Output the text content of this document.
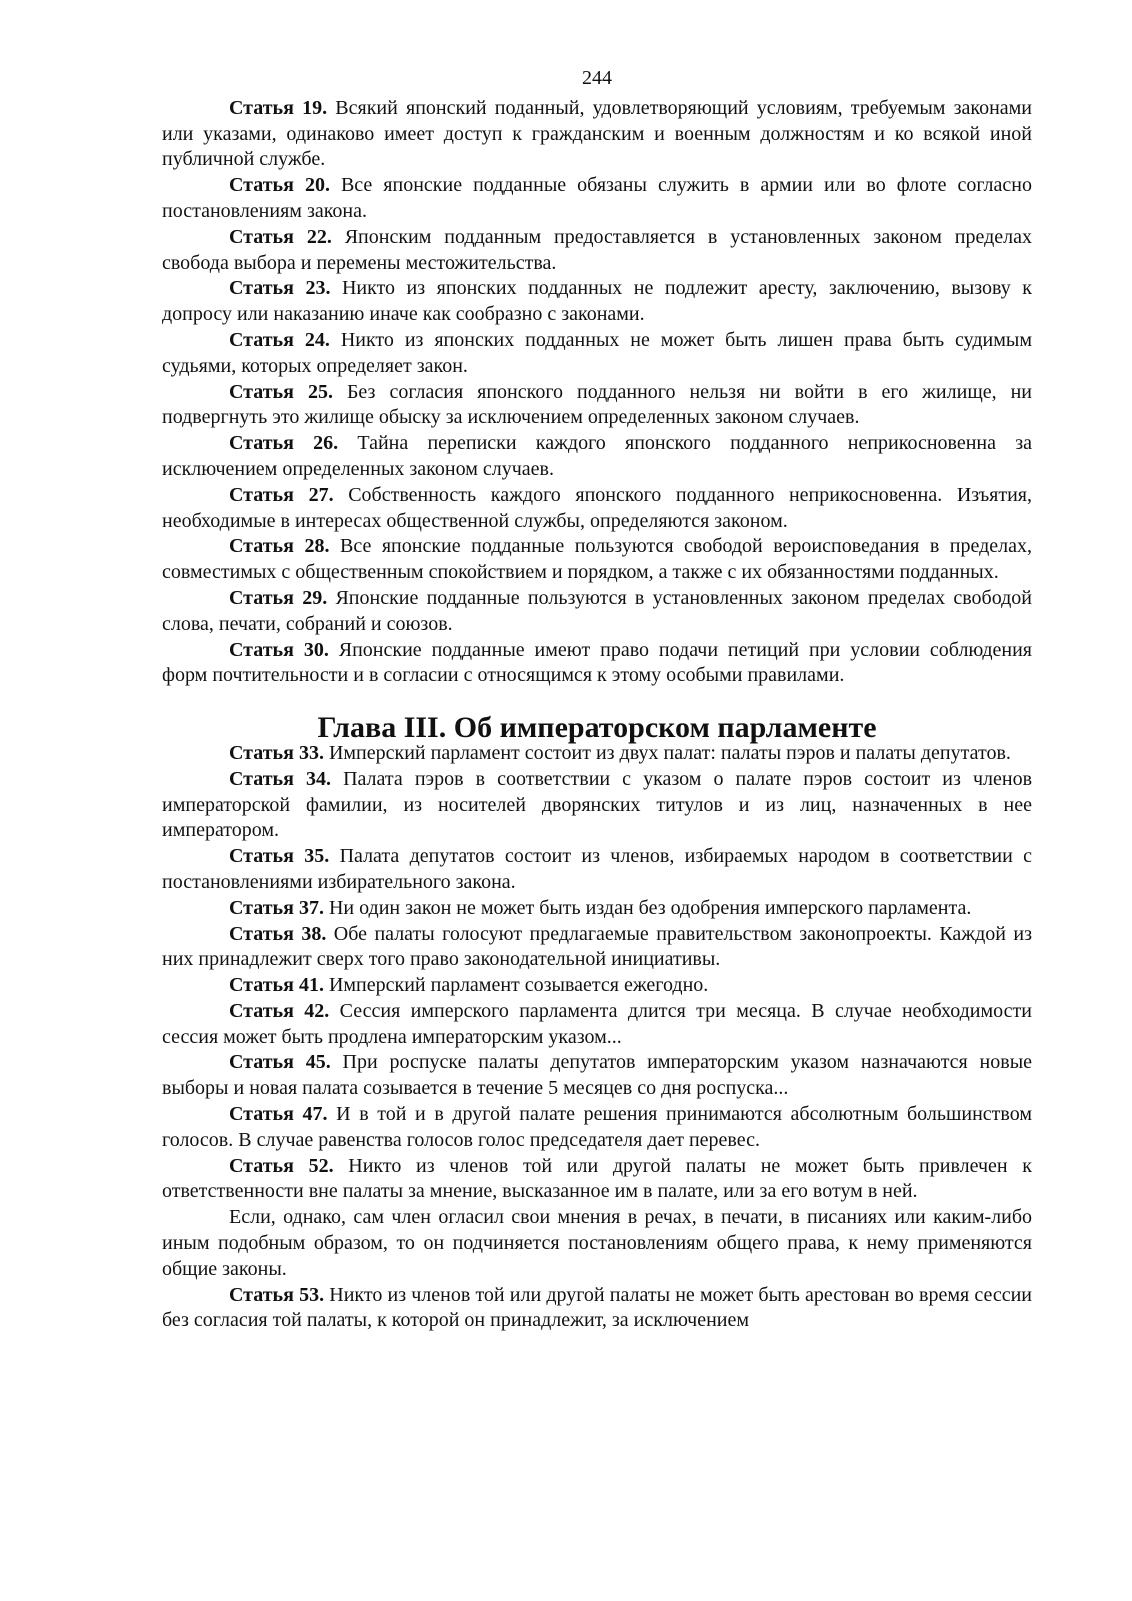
244

Статья 19. Всякий японский поданный, удовлетворяющий условиям, требуемым законами или указами, одинаково имеет доступ к гражданским и военным должностям и ко всякой иной публичной службе.

Статья 20. Все японские подданные обязаны служить в армии или во флоте согласно постановлениям закона.

Статья 22. Японским подданным предоставляется в установленных законом пределах свобода выбора и перемены местожительства.

Статья 23. Никто из японских подданных не подлежит аресту, заключению, вызову к допросу или наказанию иначе как сообразно с законами.

Статья 24. Никто из японских подданных не может быть лишен права быть судимым судьями, которых определяет закон.

Статья 25. Без согласия японского подданного нельзя ни войти в его жилище, ни подвергнуть это жилище обыску за исключением определенных законом случаев.

Статья 26. Тайна переписки каждого японского подданного неприкосновенна за исключением определенных законом случаев.

Статья 27. Собственность каждого японского подданного неприкосновенна. Изъятия, необходимые в интересах общественной службы, определяются законом.

Статья 28. Все японские подданные пользуются свободой вероисповедания в пределах, совместимых с общественным спокойствием и порядком, а также с их обязанностями подданных.

Статья 29. Японские подданные пользуются в установленных законом пределах свободой слова, печати, собраний и союзов.

Статья 30. Японские подданные имеют право подачи петиций при условии соблюдения форм почтительности и в согласии с относящимся к этому особыми правилами.

Глава III. Об императорском парламенте

Статья 33. Имперский парламент состоит из двух палат: палаты пэров и палаты депутатов.

Статья 34. Палата пэров в соответствии с указом о палате пэров состоит из членов императорской фамилии, из носителей дворянских титулов и из лиц, назначенных в нее императором.

Статья 35. Палата депутатов состоит из членов, избираемых народом в соответствии с постановлениями избирательного закона.

Статья 37. Ни один закон не может быть издан без одобрения имперского парламента.

Статья 38. Обе палаты голосуют предлагаемые правительством законопроекты. Каждой из них принадлежит сверх того право законодательной инициативы.

Статья 41. Имперский парламент созывается ежегодно.

Статья 42. Сессия имперского парламента длится три месяца. В случае необходимости сессия может быть продлена императорским указом...

Статья 45. При роспуске палаты депутатов императорским указом назначаются новые выборы и новая палата созывается в течение 5 месяцев со дня роспуска...

Статья 47. И в той и в другой палате решения принимаются абсолютным большинством голосов. В случае равенства голосов голос председателя дает перевес.

Статья 52. Никто из членов той или другой палаты не может быть привлечен к ответственности вне палаты за мнение, высказанное им в палате, или за его вотум в ней.

Если, однако, сам член огласил свои мнения в речах, в печати, в писаниях или каким-либо иным подобным образом, то он подчиняется постановлениям общего права, к нему применяются общие законы.

Статья 53. Никто из членов той или другой палаты не может быть арестован во время сессии без согласия той палаты, к которой он принадлежит, за исключением
